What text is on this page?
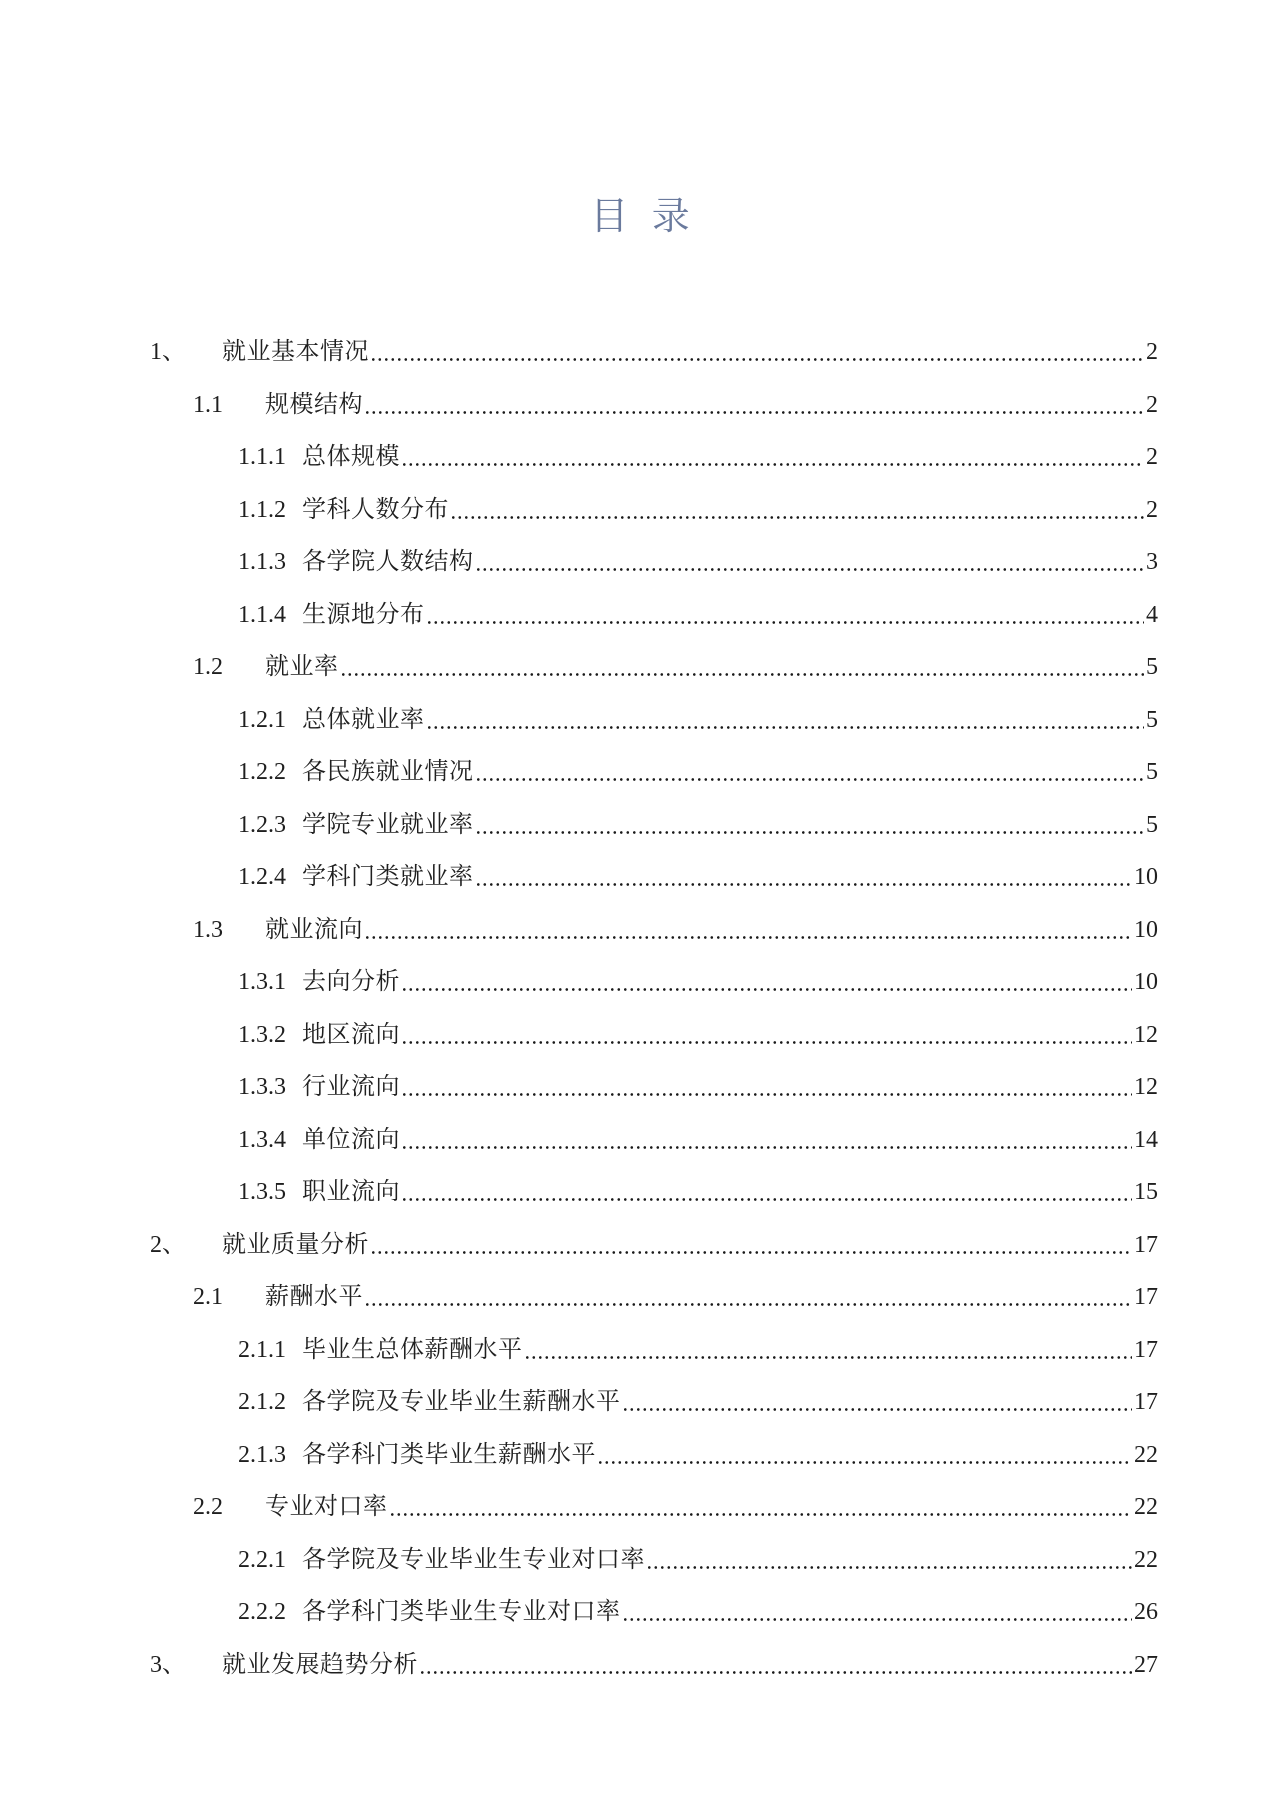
目 录
1、	就业基本情况	2
1.1	规模结构	2
1.1.1 总体规模	2
1.1.2 学科人数分布	2
1.1.3 各学院人数结构	3
1.1.4 生源地分布	4
1.2	就业率	5
1.2.1 总体就业率	5
1.2.2 各民族就业情况	5
1.2.3 学院专业就业率	5
1.2.4 学科门类就业率	10
1.3	就业流向	10
1.3.1 去向分析	10
1.3.2 地区流向	12
1.3.3 行业流向	12
1.3.4 单位流向	14
1.3.5 职业流向	15
2、	就业质量分析	17
2.1	薪酬水平	17
2.1.1 毕业生总体薪酬水平	17
2.1.2 各学院及专业毕业生薪酬水平	17
2.1.3 各学科门类毕业生薪酬水平	22
2.2	专业对口率	22
2.2.1 各学院及专业毕业生专业对口率	22
2.2.2 各学科门类毕业生专业对口率	26
3、	就业发展趋势分析	27
